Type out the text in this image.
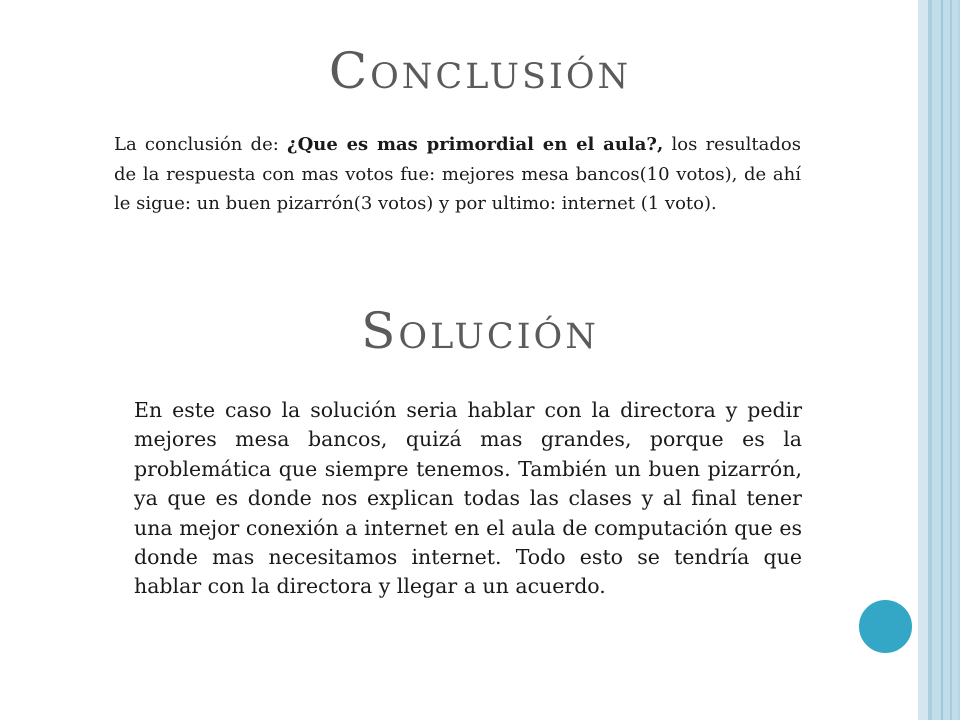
Conclusión

La conclusión de: ¿Que es mas primordial en el aula?, los resultados de la respuesta con mas votos fue: mejores mesa bancos(10 votos), de ahí le sigue: un buen pizarrón(3 votos) y por ultimo: internet (1 voto).

Solución

En este caso la solución seria hablar con la directora y pedir mejores mesa bancos, quizá mas grandes, porque es la problemática que siempre tenemos. También un buen pizarrón, ya que es donde nos explican todas las clases y al final tener una mejor conexión a internet en el aula de computación que es donde mas necesitamos internet. Todo esto se tendría que hablar con la directora y llegar a un acuerdo.
